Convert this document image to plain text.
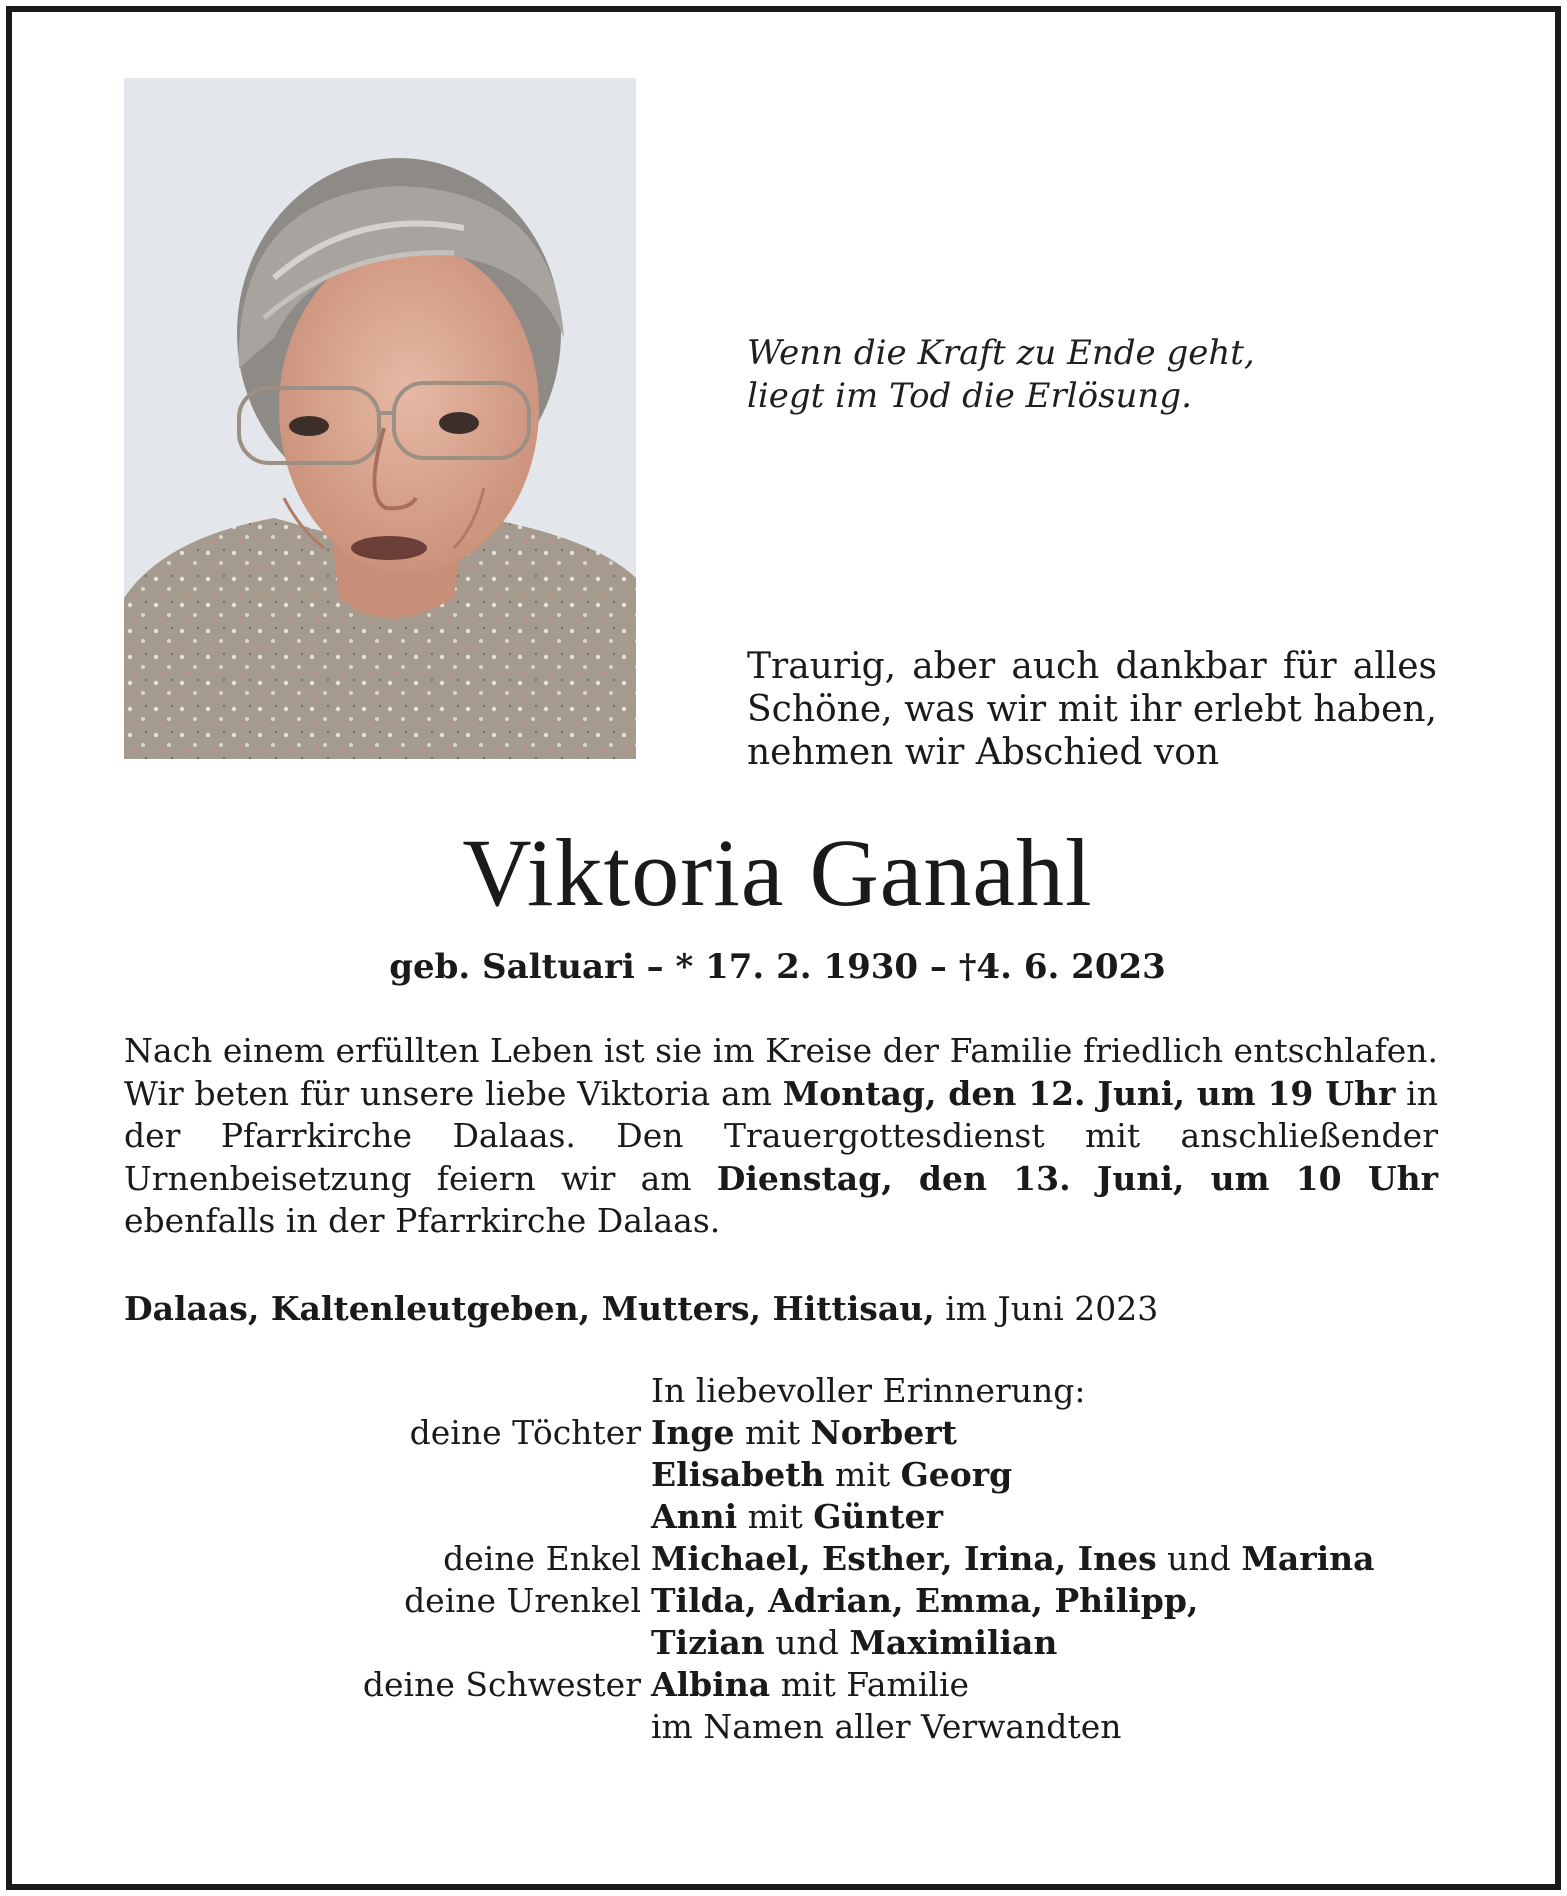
Wenn die Kraft zu Ende geht,
liegt im Tod die Erlösung.
Traurig, aber auch dankbar für alles Schöne, was wir mit ihr erlebt haben, nehmen wir Abschied von
Viktoria Ganahl
geb. Saltuari – * 17. 2. 1930 – †4. 6. 2023
Nach einem erfüllten Leben ist sie im Kreise der Familie friedlich entschlafen. Wir beten für unsere liebe Viktoria am Montag, den 12. Juni, um 19 Uhr in der Pfarrkirche Dalaas. Den Trauergottesdienst mit anschließender Urnenbeisetzung feiern wir am Dienstag, den 13. Juni, um 10 Uhr ebenfalls in der Pfarrkirche Dalaas.
Dalaas, Kaltenleutgeben, Mutters, Hittisau, im Juni 2023
In liebevoller Erinnerung:
deine Töchter Inge mit Norbert
Elisabeth mit Georg
Anni mit Günter
deine Enkel Michael, Esther, Irina, Ines und Marina
deine Urenkel Tilda, Adrian, Emma, Philipp,
Tizian und Maximilian
deine Schwester Albina mit Familie
im Namen aller Verwandten
